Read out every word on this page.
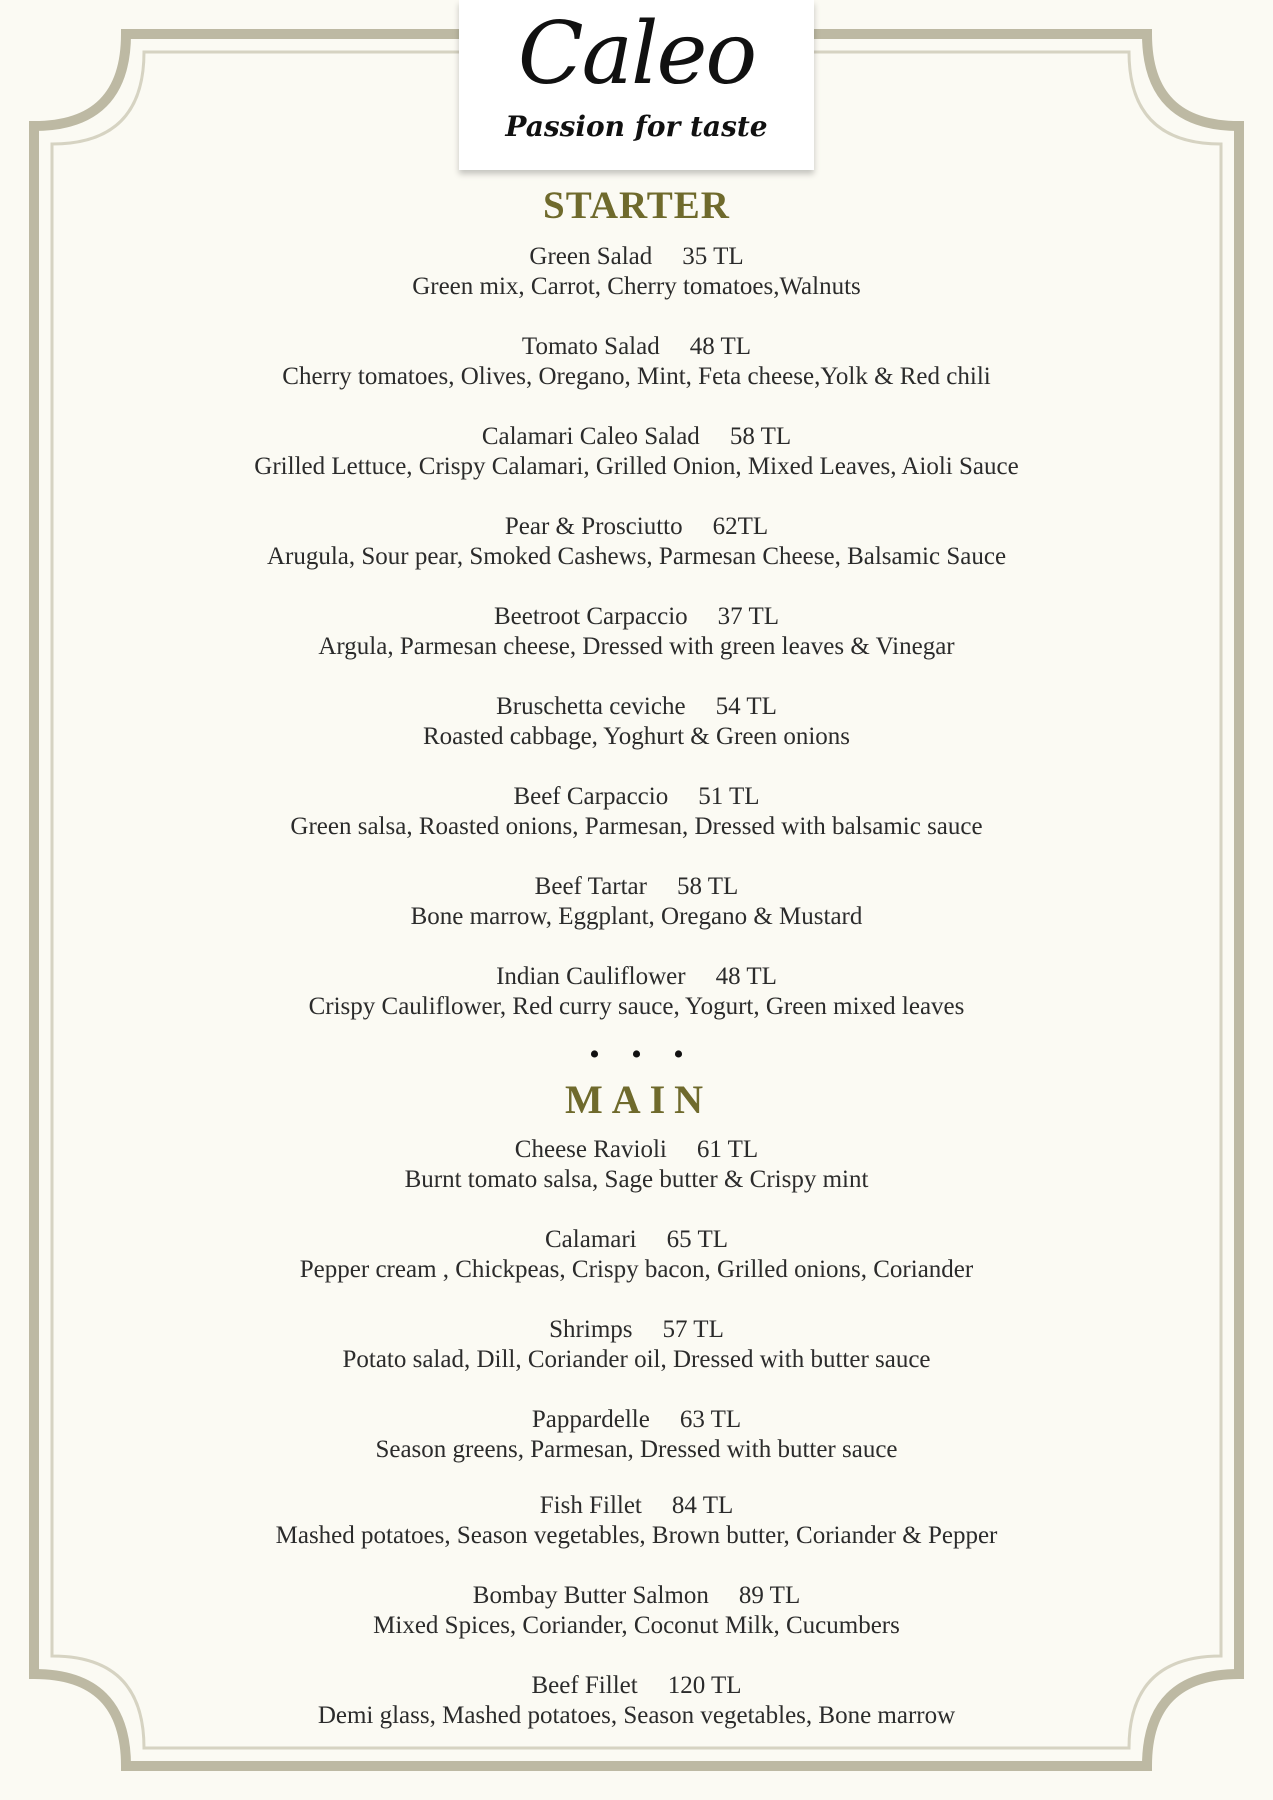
Caleo
Passion for taste
STARTER
Green Salad 35 TL
Green mix, Carrot, Cherry tomatoes,Walnuts
Tomato Salad 48 TL
Cherry tomatoes, Olives, Oregano, Mint, Feta cheese,Yolk & Red chili
Calamari Caleo Salad 58 TL
Grilled Lettuce, Crispy Calamari, Grilled Onion, Mixed Leaves, Aioli Sauce
Pear & Prosciutto 62TL
Arugula, Sour pear, Smoked Cashews, Parmesan Cheese, Balsamic Sauce
Beetroot Carpaccio 37 TL
Argula, Parmesan cheese, Dressed with green leaves & Vinegar
Bruschetta ceviche 54 TL
Roasted cabbage, Yoghurt & Green onions
Beef Carpaccio 51 TL
Green salsa, Roasted onions, Parmesan, Dressed with balsamic sauce
Beef Tartar 58 TL
Bone marrow, Eggplant, Oregano & Mustard
Indian Cauliflower 48 TL
Crispy Cauliflower, Red curry sauce, Yogurt, Green mixed leaves
• • •
MAIN
Cheese Ravioli 61 TL
Burnt tomato salsa, Sage butter & Crispy mint
Calamari 65 TL
Pepper cream , Chickpeas, Crispy bacon, Grilled onions, Coriander
Shrimps 57 TL
Potato salad, Dill, Coriander oil, Dressed with butter sauce
Pappardelle 63 TL
Season greens, Parmesan, Dressed with butter sauce
Fish Fillet 84 TL
Mashed potatoes, Season vegetables, Brown butter, Coriander & Pepper
Bombay Butter Salmon 89 TL
Mixed Spices, Coriander, Coconut Milk, Cucumbers
Beef Fillet 120 TL
Demi glass, Mashed potatoes, Season vegetables, Bone marrow
